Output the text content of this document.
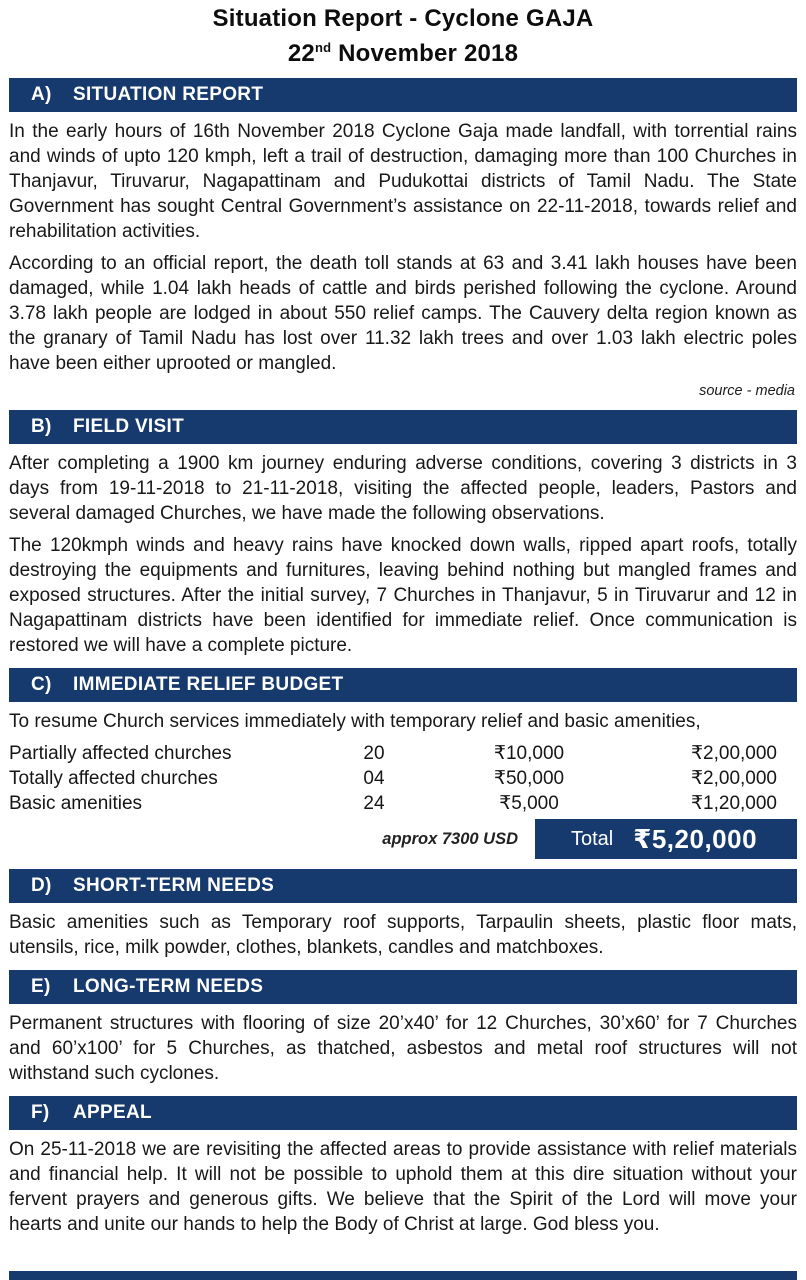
Situation Report - Cyclone GAJA
22nd November 2018
A)	SITUATION REPORT

In the early hours of 16th November 2018 Cyclone Gaja made landfall, with torrential rains and winds of upto 120 kmph, left a trail of destruction, damaging more than 100 Churches in Thanjavur, Tiruvarur, Nagapattinam and Pudukottai districts of Tamil Nadu. The State Government has sought Central Government’s assistance on 22-11-2018, towards relief and rehabilitation activities.

According to an official report, the death toll stands at 63 and 3.41 lakh houses have been damaged, while 1.04 lakh heads of cattle and birds perished following the cyclone. Around 3.78 lakh people are lodged in about 550 relief camps. The Cauvery delta region known as the granary of Tamil Nadu has lost over 11.32 lakh trees and over 1.03 lakh electric poles have been either uprooted or mangled.

source - media
B)	FIELD VISIT

After completing a 1900 km journey enduring adverse conditions, covering 3 districts in 3 days from 19-11-2018 to 21-11-2018, visiting the affected people, leaders, Pastors and several damaged Churches, we have made the following observations.

The 120kmph winds and heavy rains have knocked down walls, ripped apart roofs, totally destroying the equipments and furnitures, leaving behind nothing but mangled frames and exposed structures. After the initial survey, 7 Churches in Thanjavur, 5 in Tiruvarur and 12 in Nagapattinam districts have been identified for immediate relief. Once communication is restored we will have a complete picture.

C)	IMMEDIATE RELIEF BUDGET

To resume Church services immediately with temporary relief and basic amenities,

Partially affected churches	20	₹10,000	₹2,00,000
Totally affected churches	04	₹50,000	₹2,00,000
Basic amenities	24	₹5,000	₹1,20,000
approx 7300 USD	Total ₹5,20,000
D)	SHORT-TERM NEEDS

Basic amenities such as Temporary roof supports, Tarpaulin sheets, plastic floor mats, utensils, rice, milk powder, clothes, blankets, candles and matchboxes.

E)	LONG-TERM NEEDS

Permanent structures with flooring of size 20’x40’ for 12 Churches, 30’x60’ for 7 Churches and 60’x100’ for 5 Churches, as thatched, asbestos and metal roof structures will not withstand such cyclones.

F)	APPEAL

On 25-11-2018 we are revisiting the affected areas to provide assistance with relief materials and financial help. It will not be possible to uphold them at this dire situation without your fervent prayers and generous gifts. We believe that the Spirit of the Lord will move your hearts and unite our hands to help the Body of Christ at large. God bless you.
